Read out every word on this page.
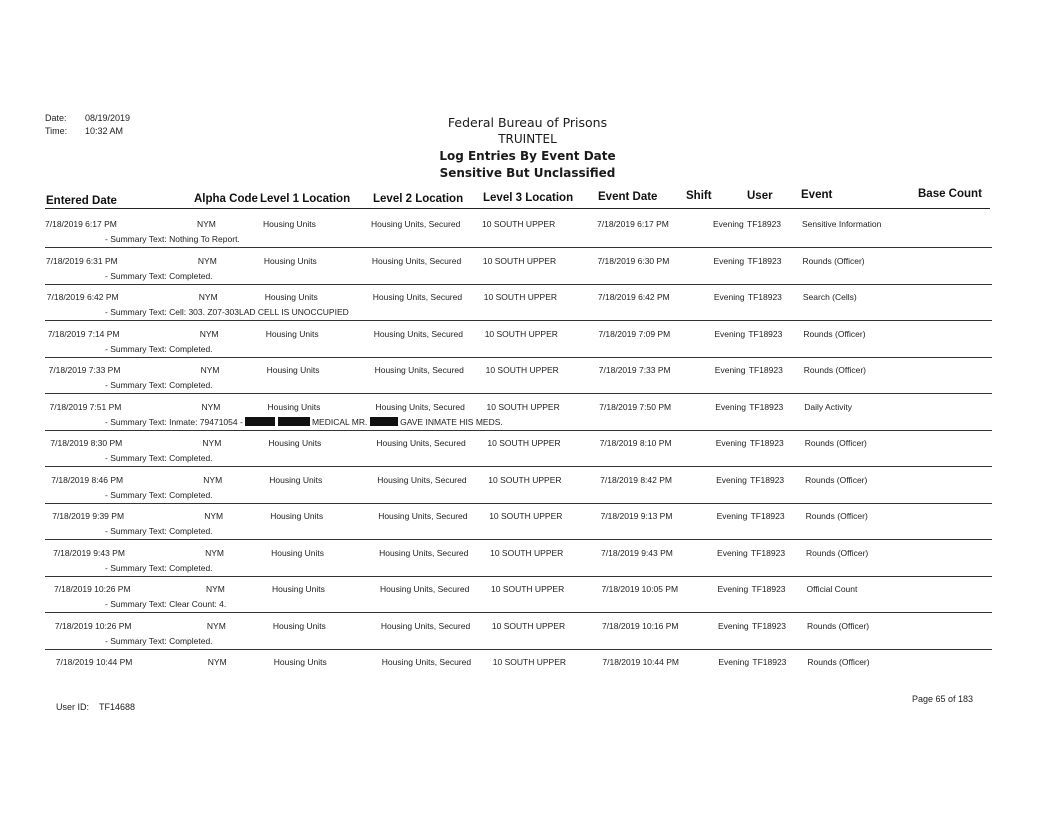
Date: 08/19/2019
Time: 10:32 AM
Federal Bureau of Prisons
TRUINTEL
Log Entries By Event Date
Sensitive But Unclassified
Entered Date	Alpha Code Level 1 Location Level 2 Location Level 3 Location Event Date Shift	User Event	Base Count
7/18/2019 6:17 PM	NYM	Housing Units	Housing Units, Secured	10 SOUTH UPPER	7/18/2019 6:17 PM	Evening TF18923 Sensitive Information
- Summary Text: Nothing To Report.
7/18/2019 6:31 PM	NYM	Housing Units	Housing Units, Secured	10 SOUTH UPPER	7/18/2019 6:30 PM	Evening TF18923 Rounds (Officer)
- Summary Text: Completed.
7/18/2019 6:42 PM	NYM	Housing Units	Housing Units, Secured	10 SOUTH UPPER	7/18/2019 6:42 PM	Evening TF18923 Search (Cells)
- Summary Text: Cell: 303. Z07-303LAD CELL IS UNOCCUPIED
7/18/2019 7:14 PM	NYM	Housing Units	Housing Units, Secured	10 SOUTH UPPER	7/18/2019 7:09 PM	Evening TF18923 Rounds (Officer)
- Summary Text: Completed.
7/18/2019 7:33 PM	NYM	Housing Units	Housing Units, Secured	10 SOUTH UPPER	7/18/2019 7:33 PM	Evening TF18923 Rounds (Officer)
- Summary Text: Completed.
7/18/2019 7:51 PM	NYM	Housing Units	Housing Units, Secured	10 SOUTH UPPER	7/18/2019 7:50 PM	Evening TF18923 Daily Activity
- Summary Text: Inmate: 79471054 -	MEDICAL MR.	GAVE INMATE HIS MEDS.
7/18/2019 8:30 PM	NYM	Housing Units	Housing Units, Secured	10 SOUTH UPPER	7/18/2019 8:10 PM	Evening TF18923 Rounds (Officer)
- Summary Text: Completed.
7/18/2019 8:46 PM	NYM	Housing Units	Housing Units, Secured	10 SOUTH UPPER	7/18/2019 8:42 PM	Evening TF18923 Rounds (Officer)
- Summary Text: Completed.
7/18/2019 9:39 PM	NYM	Housing Units	Housing Units, Secured	10 SOUTH UPPER	7/18/2019 9:13 PM	Evening TF18923 Rounds (Officer)
- Summary Text: Completed.
7/18/2019 9:43 PM	NYM	Housing Units	Housing Units, Secured	10 SOUTH UPPER	7/18/2019 9:43 PM	Evening TF18923 Rounds (Officer)
- Summary Text: Completed.
7/18/2019 10:26 PM	NYM	Housing Units	Housing Units, Secured	10 SOUTH UPPER	7/18/2019 10:05 PM	Evening TF18923 Official Count
- Summary Text: Clear Count: 4.
7/18/2019 10:26 PM	NYM	Housing Units	Housing Units, Secured	10 SOUTH UPPER	7/18/2019 10:16 PM	Evening TF18923 Rounds (Officer)
- Summary Text: Completed.
7/18/2019 10:44 PM	NYM	Housing Units	Housing Units, Secured	10 SOUTH UPPER	7/18/2019 10:44 PM	Evening TF18923 Rounds (Officer)
User ID: TF14688
Page 65 of 183
